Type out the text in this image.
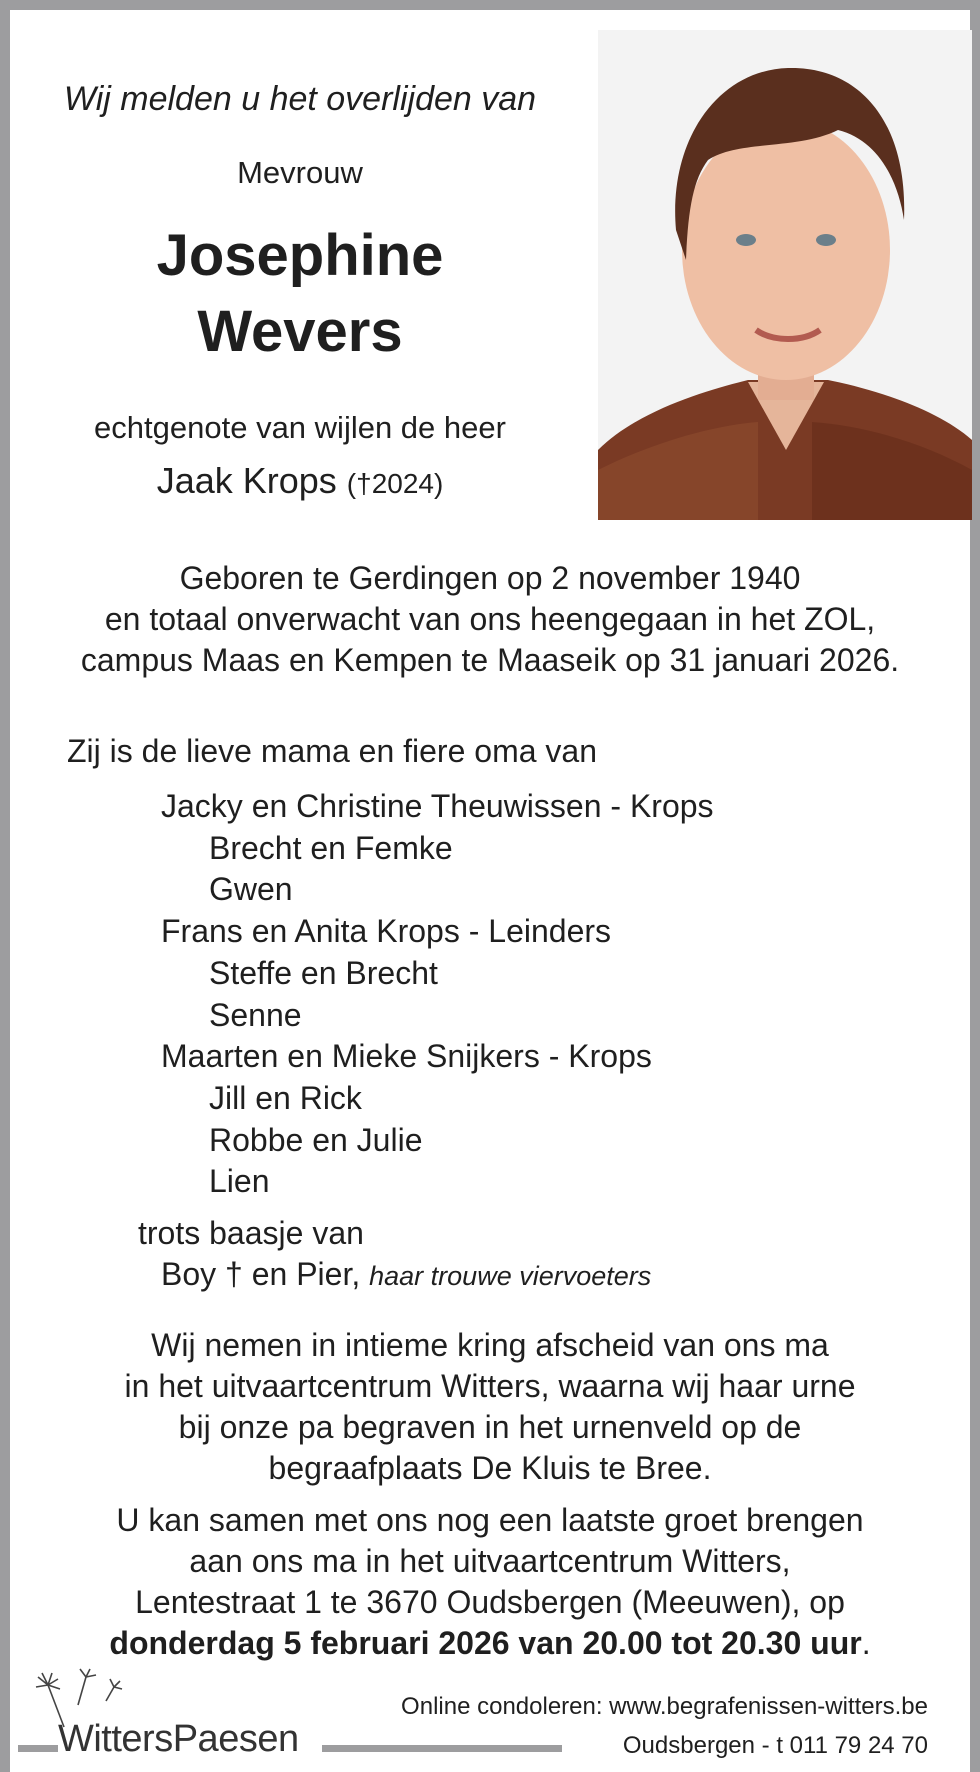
Wij melden u het overlijden van
Mevrouw
Josephine
Wevers
echtgenote van wijlen de heer
Jaak Krops (†2024)
Geboren te Gerdingen op 2 november 1940
en totaal onverwacht van ons heengegaan in het ZOL,
campus Maas en Kempen te Maaseik op 31 januari 2026.
Zij is de lieve mama en fiere oma van
Jacky en Christine Theuwissen - Krops
Brecht en Femke
Gwen
Frans en Anita Krops - Leinders
Steffe en Brecht
Senne
Maarten en Mieke Snijkers - Krops
Jill en Rick
Robbe en Julie
Lien
trots baasje van
Boy † en Pier, haar trouwe viervoeters
Wij nemen in intieme kring afscheid van ons ma
in het uitvaartcentrum Witters, waarna wij haar urne
bij onze pa begraven in het urnenveld op de
begraafplaats De Kluis te Bree.
U kan samen met ons nog een laatste groet brengen
aan ons ma in het uitvaartcentrum Witters,
Lentestraat 1 te 3670 Oudsbergen (Meeuwen), op
donderdag 5 februari 2026 van 20.00 tot 20.30 uur.
WittersPaesen
Online condoleren: www.begrafenissen-witters.be
Oudsbergen - t 011 79 24 70
